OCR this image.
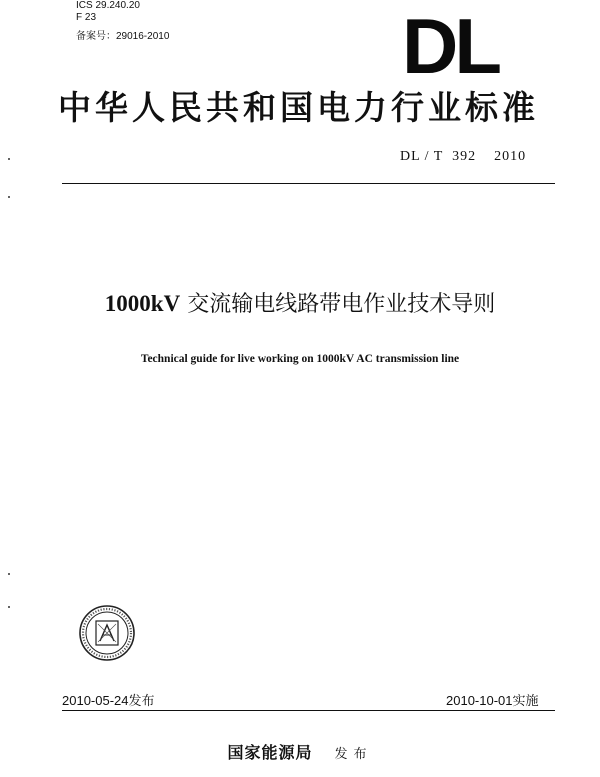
ICS 29.240.20
F 23
备案号：29016-2010	DL
中华人民共和国电力行业标准
DL / T  392    2010
1000kV 交流输电线路带电作业技术导则
Technical guide for live working on 1000kV AC transmission line
2010-05-24发布	2010-10-01实施
国家能源局 发布
